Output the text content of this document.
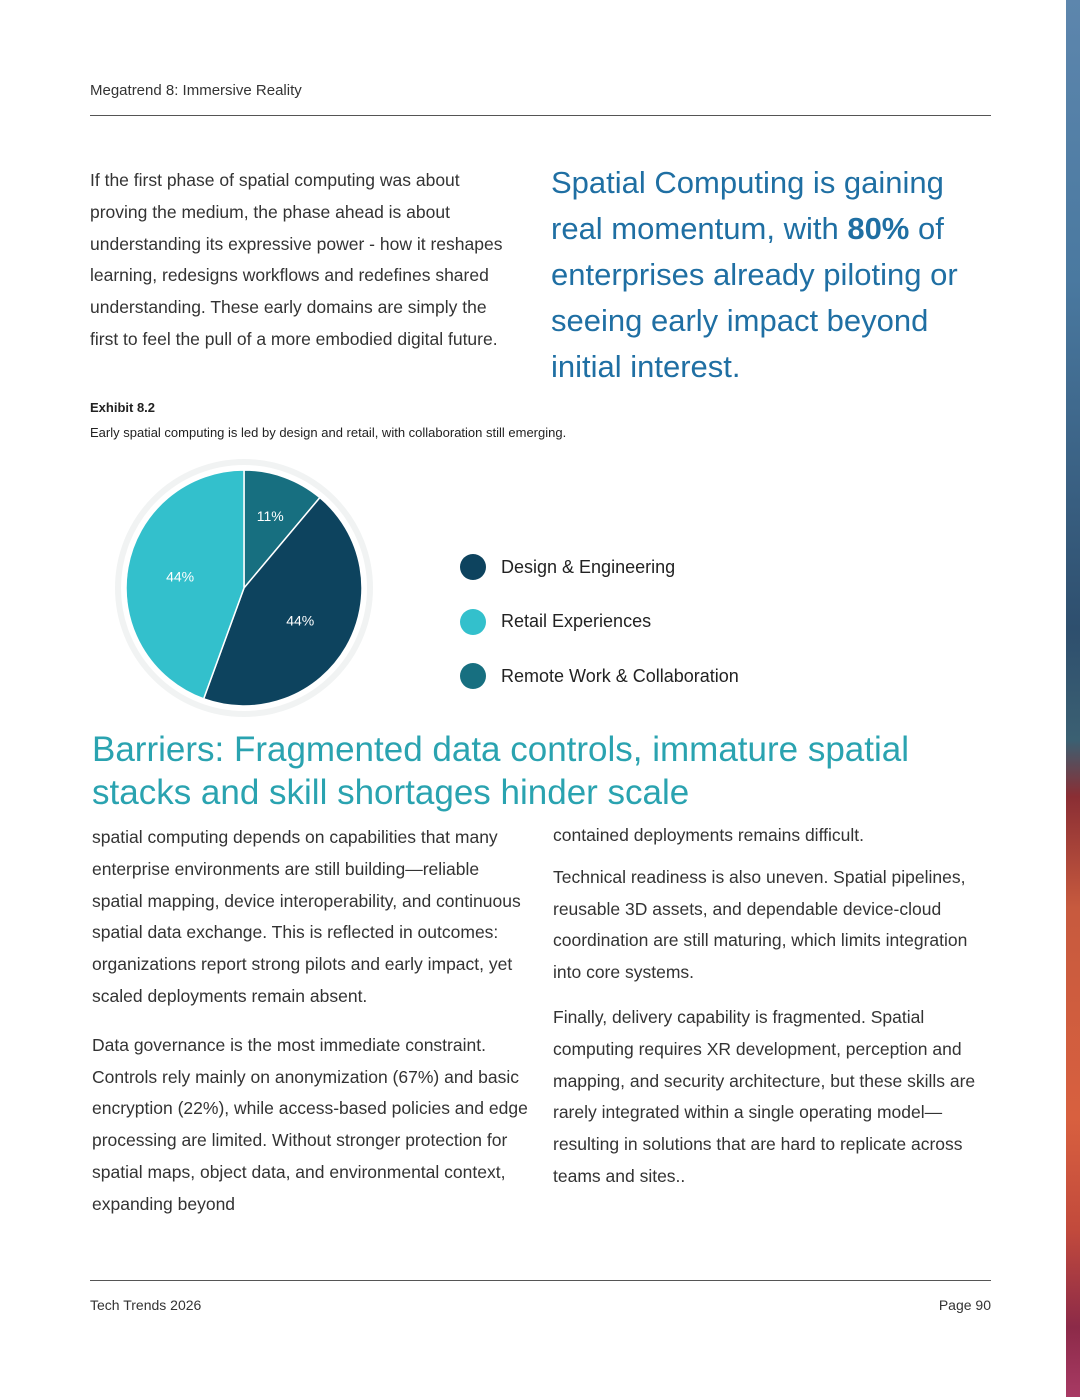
Megatrend 8: Immersive Reality
If the first phase of spatial computing was about proving the medium, the phase ahead is about understanding its expressive power - how it reshapes learning, redesigns workflows and redefines shared understanding. These early domains are simply the first to feel the pull of a more embodied digital future.
Spatial Computing is gaining real momentum, with 80% of enterprises already piloting or seeing early impact beyond initial interest.
Exhibit 8.2
Early spatial computing is led by design and retail, with collaboration still emerging.
11%
44%
44%	Design & Engineering
Retail Experiences
Remote Work & Collaboration
Barriers: Fragmented data controls, immature spatial stacks and skill shortages hinder scale

spatial computing depends on capabilities that many enterprise environments are still building—reliable spatial mapping, device interoperability, and continuous spatial data exchange. This is reflected in outcomes: organizations report strong pilots and early impact, yet scaled deployments remain absent.

Data governance is the most immediate constraint. Controls rely mainly on anonymization (67%) and basic encryption (22%), while access-based policies and edge processing are limited. Without stronger protection for spatial maps, object data, and environmental context, expanding beyond

contained deployments remains difficult.

Technical readiness is also uneven. Spatial pipelines, reusable 3D assets, and dependable device-cloud coordination are still maturing, which limits integration into core systems.

Finally, delivery capability is fragmented. Spatial computing requires XR development, perception and mapping, and security architecture, but these skills are rarely integrated within a single operating model—resulting in solutions that are hard to replicate across teams and sites..

Tech Trends 2026	Page 90
